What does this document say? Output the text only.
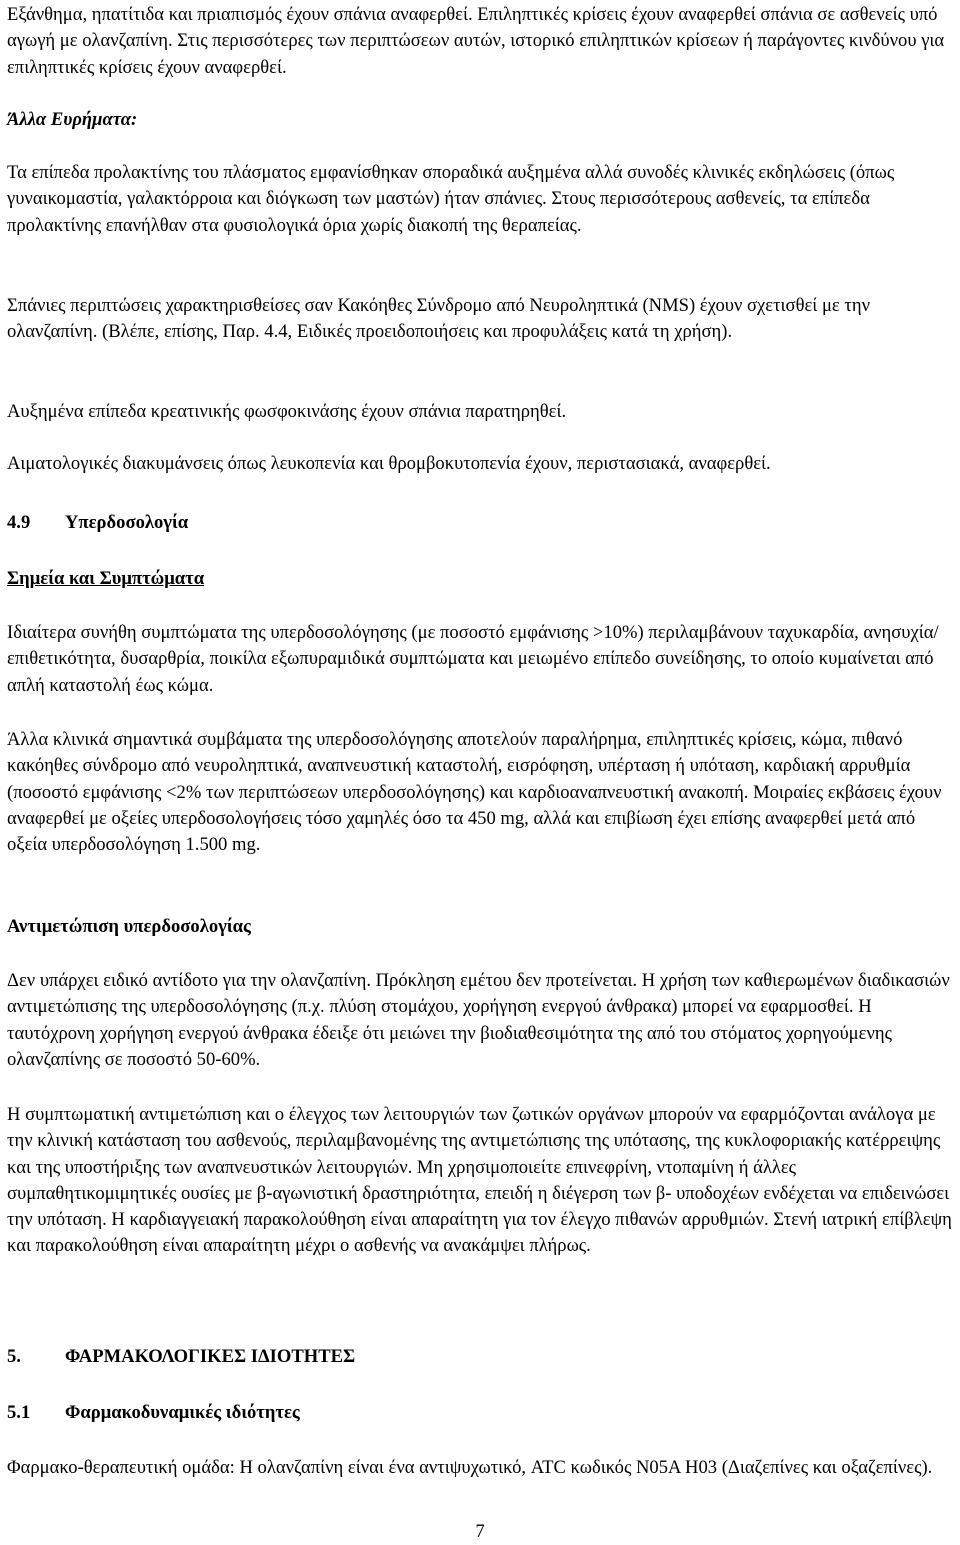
Εξάνθημα, ηπατίτιδα και πριαπισμός έχουν σπάνια αναφερθεί. Επιληπτικές κρίσεις έχουν αναφερθεί σπάνια σε ασθενείς υπό αγωγή με ολανζαπίνη. Στις περισσότερες των περιπτώσεων αυτών, ιστορικό επιληπτικών κρίσεων ή παράγοντες κινδύνου για επιληπτικές κρίσεις έχουν αναφερθεί.

Άλλα Ευρήματα:

Τα επίπεδα προλακτίνης του πλάσματος εμφανίσθηκαν σποραδικά αυξημένα αλλά συνοδές κλινικές εκδηλώσεις (όπως γυναικομαστία, γαλακτόρροια και διόγκωση των μαστών) ήταν σπάνιες. Στους περισσότερους ασθενείς, τα επίπεδα προλακτίνης επανήλθαν στα φυσιολογικά όρια χωρίς διακοπή της θεραπείας.

Σπάνιες περιπτώσεις χαρακτηρισθείσες σαν Κακόηθες Σύνδρομο από Νευροληπτικά (NMS) έχουν σχετισθεί με την ολανζαπίνη. (Βλέπε, επίσης, Παρ. 4.4, Ειδικές προειδοποιήσεις και προφυλάξεις κατά τη χρήση).

Αυξημένα επίπεδα κρεατινικής φωσφοκινάσης έχουν σπάνια παρατηρηθεί.

Αιματολογικές διακυμάνσεις όπως λευκοπενία και θρομβοκυτοπενία έχουν, περιστασιακά, αναφερθεί.

4.9 Υπερδοσολογία

Σημεία και Συμπτώματα

Ιδιαίτερα συνήθη συμπτώματα της υπερδοσολόγησης (με ποσοστό εμφάνισης >10%) περιλαμβάνουν ταχυκαρδία, ανησυχία/ επιθετικότητα, δυσαρθρία, ποικίλα εξωπυραμιδικά συμπτώματα και μειωμένο επίπεδο συνείδησης, το οποίο κυμαίνεται από απλή καταστολή έως κώμα.

Άλλα κλινικά σημαντικά συμβάματα της υπερδοσολόγησης αποτελούν παραλήρημα, επιληπτικές κρίσεις, κώμα, πιθανό κακόηθες σύνδρομο από νευροληπτικά, αναπνευστική καταστολή, εισρόφηση, υπέρταση ή υπόταση, καρδιακή αρρυθμία (ποσοστό εμφάνισης <2% των περιπτώσεων υπερδοσολόγησης) και καρδιοαναπνευστική ανακοπή. Μοιραίες εκβάσεις έχουν αναφερθεί με οξείες υπερδοσολογήσεις τόσο χαμηλές όσο τα 450 mg, αλλά και επιβίωση έχει επίσης αναφερθεί μετά από οξεία υπερδοσολόγηση 1.500 mg.

Αντιμετώπιση υπερδοσολογίας

Δεν υπάρχει ειδικό αντίδοτο για την ολανζαπίνη. Πρόκληση εμέτου δεν προτείνεται. Η χρήση των καθιερωμένων διαδικασιών αντιμετώπισης της υπερδοσολόγησης (π.χ. πλύση στομάχου, χορήγηση ενεργού άνθρακα) μπορεί να εφαρμοσθεί. Η ταυτόχρονη χορήγηση ενεργού άνθρακα έδειξε ότι μειώνει την βιοδιαθεσιμότητα της από του στόματος χορηγούμενης ολανζαπίνης σε ποσοστό 50-60%.

Η συμπτωματική αντιμετώπιση και ο έλεγχος των λειτουργιών των ζωτικών οργάνων μπορούν να εφαρμόζονται ανάλογα με την κλινική κατάσταση του ασθενούς, περιλαμβανομένης της αντιμετώπισης της υπότασης, της κυκλοφοριακής κατέρρειψης και της υποστήριξης των αναπνευστικών λειτουργιών. Μη χρησιμοποιείτε επινεφρίνη, ντοπαμίνη ή άλλες συμπαθητικομιμητικές ουσίες με β-αγωνιστική δραστηριότητα, επειδή η διέγερση των β- υποδοχέων ενδέχεται να επιδεινώσει την υπόταση. Η καρδιαγγειακή παρακολούθηση είναι απαραίτητη για τον έλεγχο πιθανών αρρυθμιών. Στενή ιατρική επίβλεψη και παρακολούθηση είναι απαραίτητη μέχρι ο ασθενής να ανακάμψει πλήρως.

5. ΦΑΡΜΑΚΟΛΟΓΙΚΕΣ ΙΔΙΟΤΗΤΕΣ
5.1 Φαρμακοδυναμικές ιδιότητες

Φαρμακο-θεραπευτική ομάδα: Η ολανζαπίνη είναι ένα αντιψυχωτικό, ATC κωδικός N05A H03 (Διαζεπίνες και οξαζεπίνες).

7
